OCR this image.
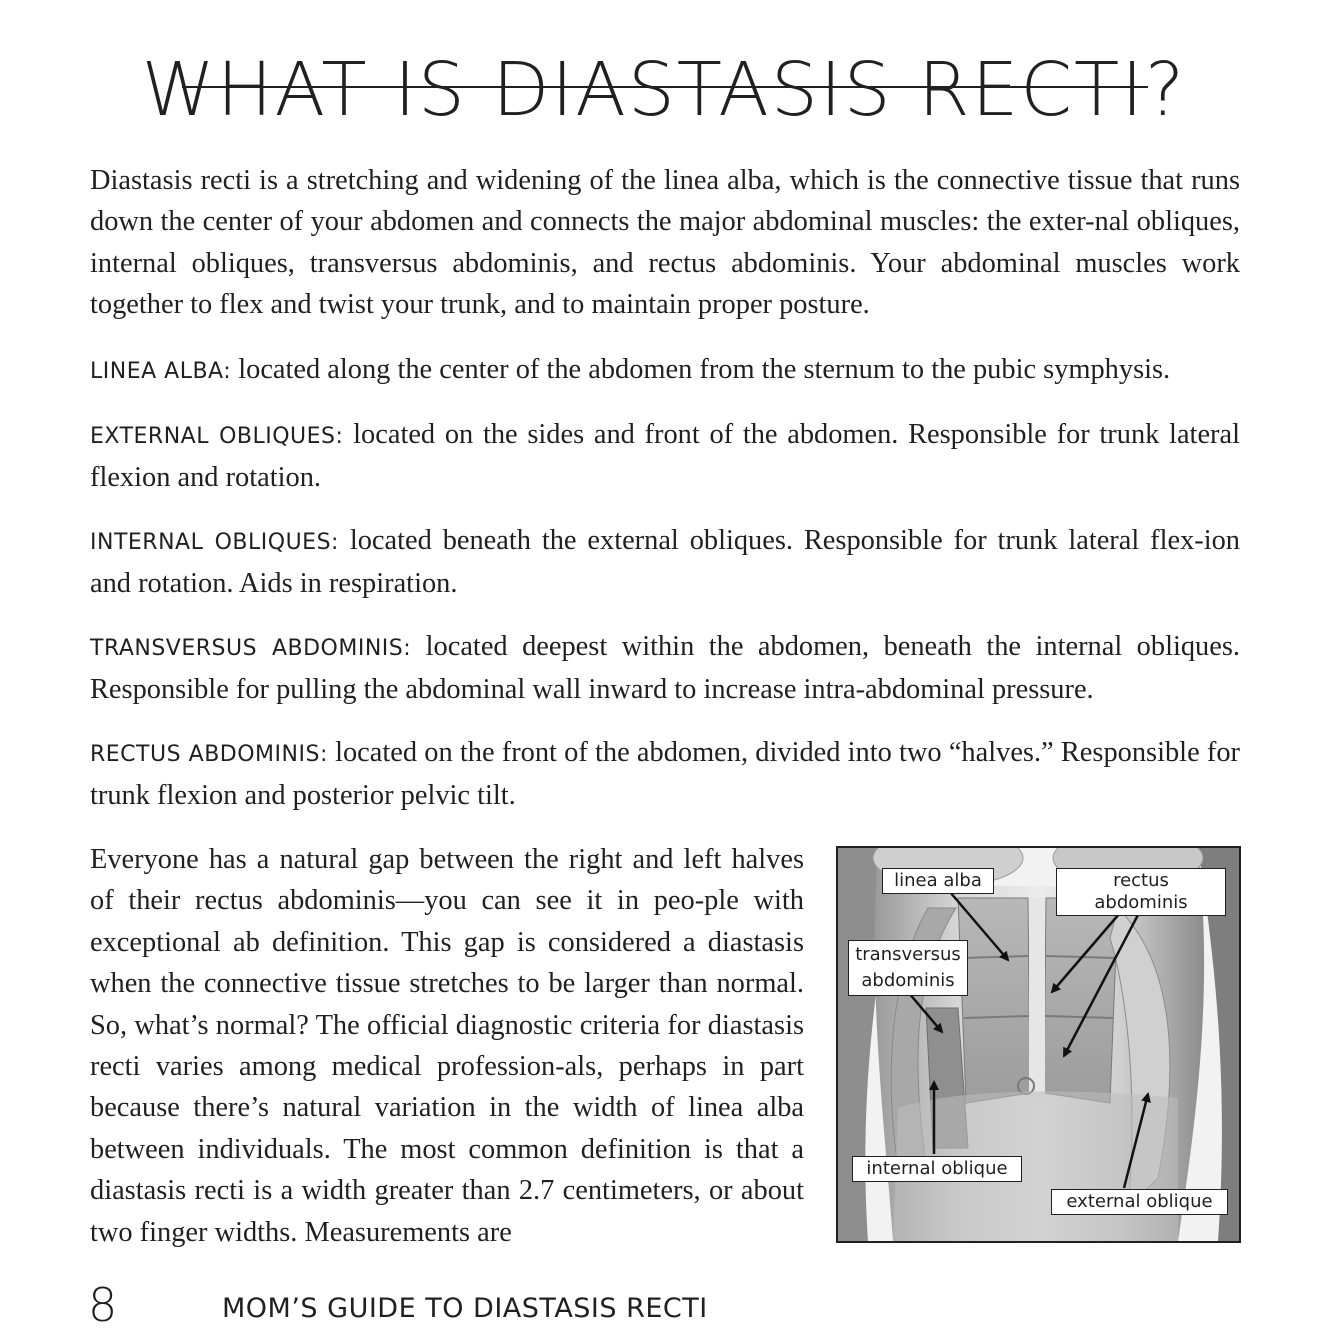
WHAT IS DIASTASIS RECTI?

Diastasis recti is a stretching and widening of the linea alba, which is the connective tissue that runs down the center of your abdomen and connects the major abdominal muscles: the exter-nal obliques, internal obliques, transversus abdominis, and rectus abdominis. Your abdominal muscles work together to flex and twist your trunk, and to maintain proper posture.

LINEA ALBA: located along the center of the abdomen from the sternum to the pubic symphysis.

EXTERNAL OBLIQUES: located on the sides and front of the abdomen. Responsible for trunk lateral flexion and rotation.

INTERNAL OBLIQUES: located beneath the external obliques. Responsible for trunk lateral flex-ion and rotation. Aids in respiration.

TRANSVERSUS ABDOMINIS: located deepest within the abdomen, beneath the internal obliques. Responsible for pulling the abdominal wall inward to increase intra-abdominal pressure.

RECTUS ABDOMINIS: located on the front of the abdomen, divided into two “halves.” Responsible for trunk flexion and posterior pelvic tilt.

Everyone has a natural gap between the right and left halves of their rectus abdominis—you can see it in peo-ple with exceptional ab definition. This gap is considered a diastasis when the connective tissue stretches to be larger than normal. So, what’s normal? The official diagnostic criteria for diastasis recti varies among medical profession-als, perhaps in part because there’s natural variation in the width of linea alba between individuals. The most common definition is that a diastasis recti is a width greater than 2.7 centimeters, or about two finger widths. Measurements are

linea alba	rectus abdominis
transversus
abdominis
internal oblique
external oblique
8	MOM’S GUIDE TO DIASTASIS RECTI
